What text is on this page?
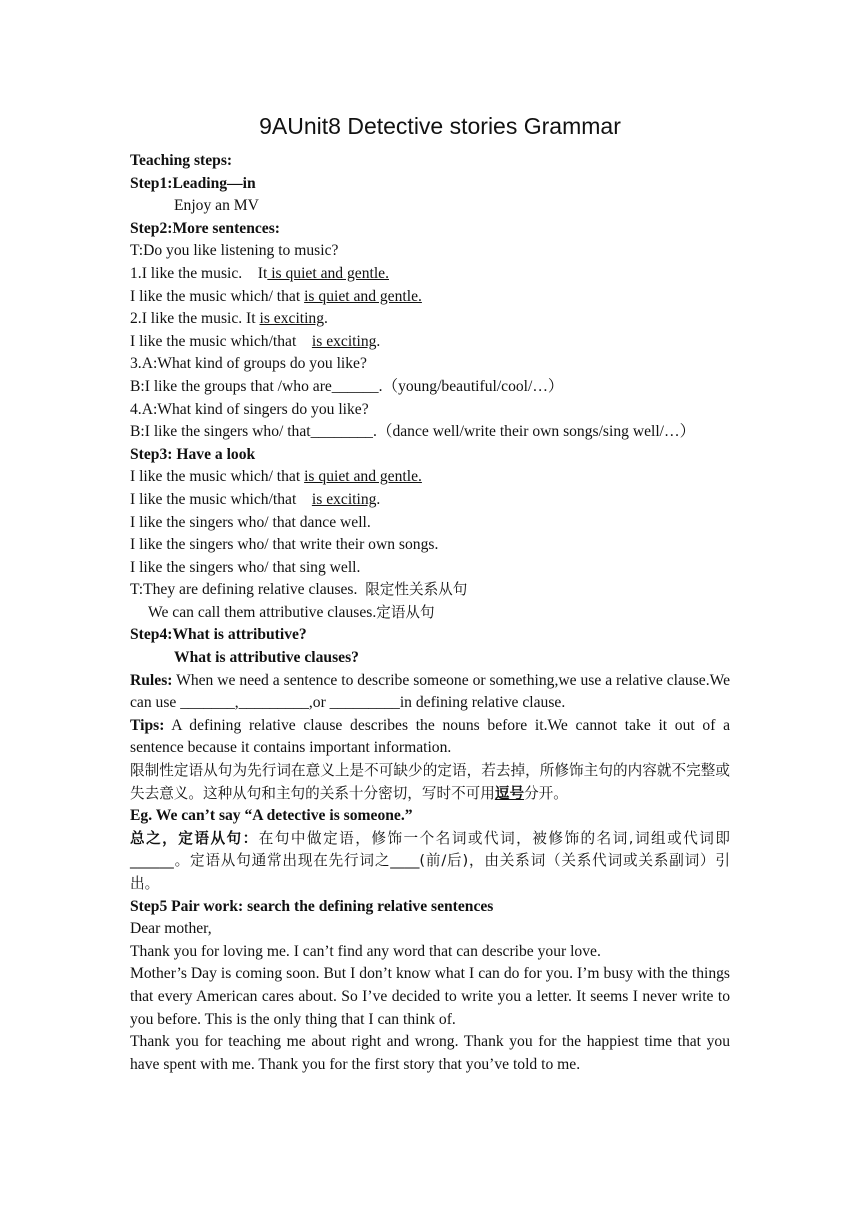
9AUnit8 Detective stories Grammar
Teaching steps:
Step1:Leading—in
Enjoy an MV
Step2:More sentences:
T:Do you like listening to music?
1.I like the music.    It is quiet and gentle.
I like the music which/ that is quiet and gentle.
2.I like the music. It is exciting.
I like the music which/that    is exciting.
3.A:What kind of groups do you like?
B:I like the groups that /who are______.（young/beautiful/cool/…）
4.A:What kind of singers do you like?
B:I like the singers who/ that________.（dance well/write their own songs/sing well/…）
Step3: Have a look
I like the music which/ that is quiet and gentle.
I like the music which/that    is exciting.
I like the singers who/ that dance well.
I like the singers who/ that write their own songs.
I like the singers who/ that sing well.
T:They are defining relative clauses.  限定性关系从句
We can call them attributive clauses.定语从句
Step4:What is attributive?
What is attributive clauses?
Rules: When we need a sentence to describe someone or something,we use a relative clause.We can use _______,_________,or _________in defining relative clause.
Tips: A defining relative clause describes the nouns before it.We cannot take it out of a sentence because it contains important information.
限制性定语从句为先行词在意义上是不可缺少的定语，若去掉，所修饰主句的内容就不完整或失去意义。这种从句和主句的关系十分密切，写时不可用逗号分开。
Eg. We can’t say “A detective is someone.”
总之，定语从句：在句中做定语，修饰一个名词或代词，被修饰的名词,词组或代词即______。定语从句通常出现在先行词之____(前/后)，由关系词（关系代词或关系副词）引出。
Step5 Pair work: search the defining relative sentences
Dear mother,
Thank you for loving me. I can’t find any word that can describe your love.
Mother’s Day is coming soon. But I don’t know what I can do for you. I’m busy with the things that every American cares about. So I’ve decided to write you a letter. It seems I never write to you before. This is the only thing that I can think of.
Thank you for teaching me about right and wrong. Thank you for the happiest time that you have spent with me. Thank you for the first story that you’ve told to me.
